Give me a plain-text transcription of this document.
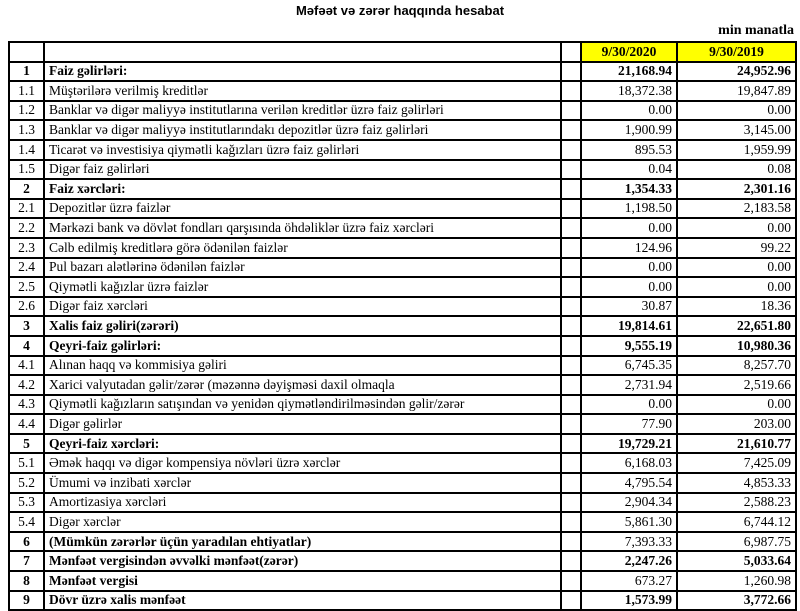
Məfəət və zərər haqqında hesabat
min manatla
			9/30/2020	9/30/2019
1	Faiz gəlirləri:		21,168.94	24,952.96
1.1	Müştərilərə verilmiş kreditlər		18,372.38	19,847.89
1.2	Banklar və digər maliyyə institutlarına verilən kreditlər üzrə faiz gəlirləri		0.00	0.00
1.3	Banklar və digər maliyyə institutlarındakı depozitlər üzrə faiz gəlirləri		1,900.99	3,145.00
1.4	Ticarət və investisiya qiymətli kağızları üzrə faiz gəlirləri		895.53	1,959.99
1.5	Digər faiz gəlirləri		0.04	0.08
2	Faiz xərcləri:		1,354.33	2,301.16
2.1	Depozitlər üzrə faizlər		1,198.50	2,183.58
2.2	Mərkəzi bank və dövlət fondları qarşısında öhdəliklər üzrə faiz xərcləri		0.00	0.00
2.3	Cəlb edilmiş kreditlərə görə ödənilən faizlər		124.96	99.22
2.4	Pul bazarı alətlərinə ödənilən faizlər		0.00	0.00
2.5	Qiymətli kağızlar üzrə faizlər		0.00	0.00
2.6	Digər faiz xərcləri		30.87	18.36
3	Xalis faiz gəliri(zərəri)		19,814.61	22,651.80
4	Qeyri-faiz gəlirləri:		9,555.19	10,980.36
4.1	Alınan haqq və kommisiya gəliri		6,745.35	8,257.70
4.2	Xarici valyutadan gəlir/zərər (məzənnə dəyişməsi daxil olmaqla		2,731.94	2,519.66
4.3	Qiymətli kağızların satışından və yenidən qiymətləndirilməsindən gəlir/zərər		0.00	0.00
4.4	Digər gəlirlər		77.90	203.00
5	Qeyri-faiz xərcləri:		19,729.21	21,610.77
5.1	Əmək haqqı və digər kompensiya növləri üzrə xərclər		6,168.03	7,425.09
5.2	Ümumi və inzibati xərclər		4,795.54	4,853.33
5.3	Amortizasiya xərcləri		2,904.34	2,588.23
5.4	Digər xərclər		5,861.30	6,744.12
6	(Mümkün zərərlər üçün yaradılan ehtiyatlar)		7,393.33	6,987.75
7	Mənfəət vergisindən əvvəlki mənfəət(zərər)		2,247.26	5,033.64
8	Mənfəət vergisi		673.27	1,260.98
9	Dövr üzrə xalis mənfəət		1,573.99	3,772.66
